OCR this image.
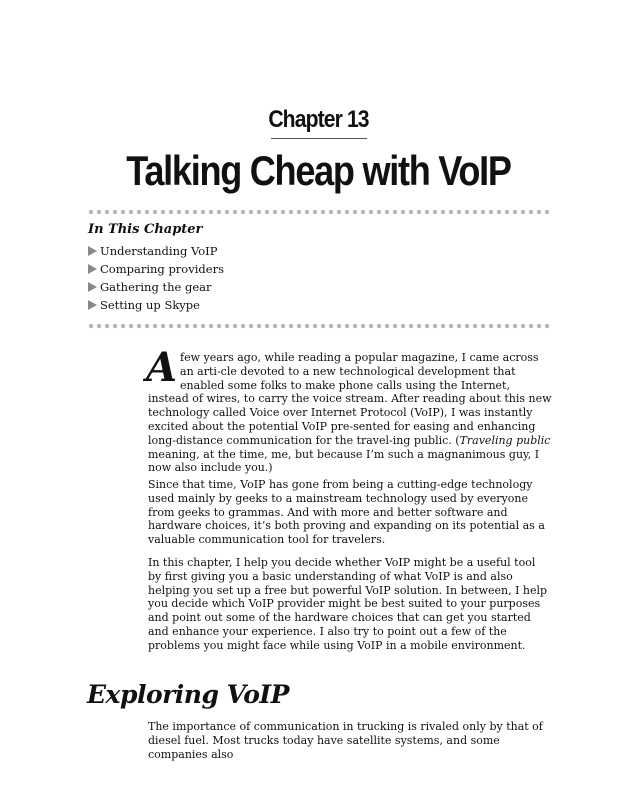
Chapter 13
Talking Cheap with VoIP
In This Chapter
Understanding VoIP
Comparing providers
Gathering the gear
Setting up Skype

Afew years ago, while reading a popular magazine, I came across an arti-cle devoted to a new technological development that enabled some folks to make phone calls using the Internet, instead of wires, to carry the voice stream. After reading about this new technology called Voice over Internet Protocol (VoIP), I was instantly excited about the potential VoIP pre-sented for easing and enhancing long-distance communication for the travel-ing public. (Traveling public meaning, at the time, me, but because I’m such a magnanimous guy, I now also include you.)

Since that time, VoIP has gone from being a cutting-edge technology used mainly by geeks to a mainstream technology used by everyone from geeks to grammas. And with more and better software and hardware choices, it’s both proving and expanding on its potential as a valuable communication tool for travelers.

In this chapter, I help you decide whether VoIP might be a useful tool by first giving you a basic understanding of what VoIP is and also helping you set up a free but powerful VoIP solution. In between, I help you decide which VoIP provider might be best suited to your purposes and point out some of the hardware choices that can get you started and enhance your experience. I also try to point out a few of the problems you might face while using VoIP in a mobile environment.

Exploring VoIP

The importance of communication in trucking is rivaled only by that of diesel fuel. Most trucks today have satellite systems, and some companies also
